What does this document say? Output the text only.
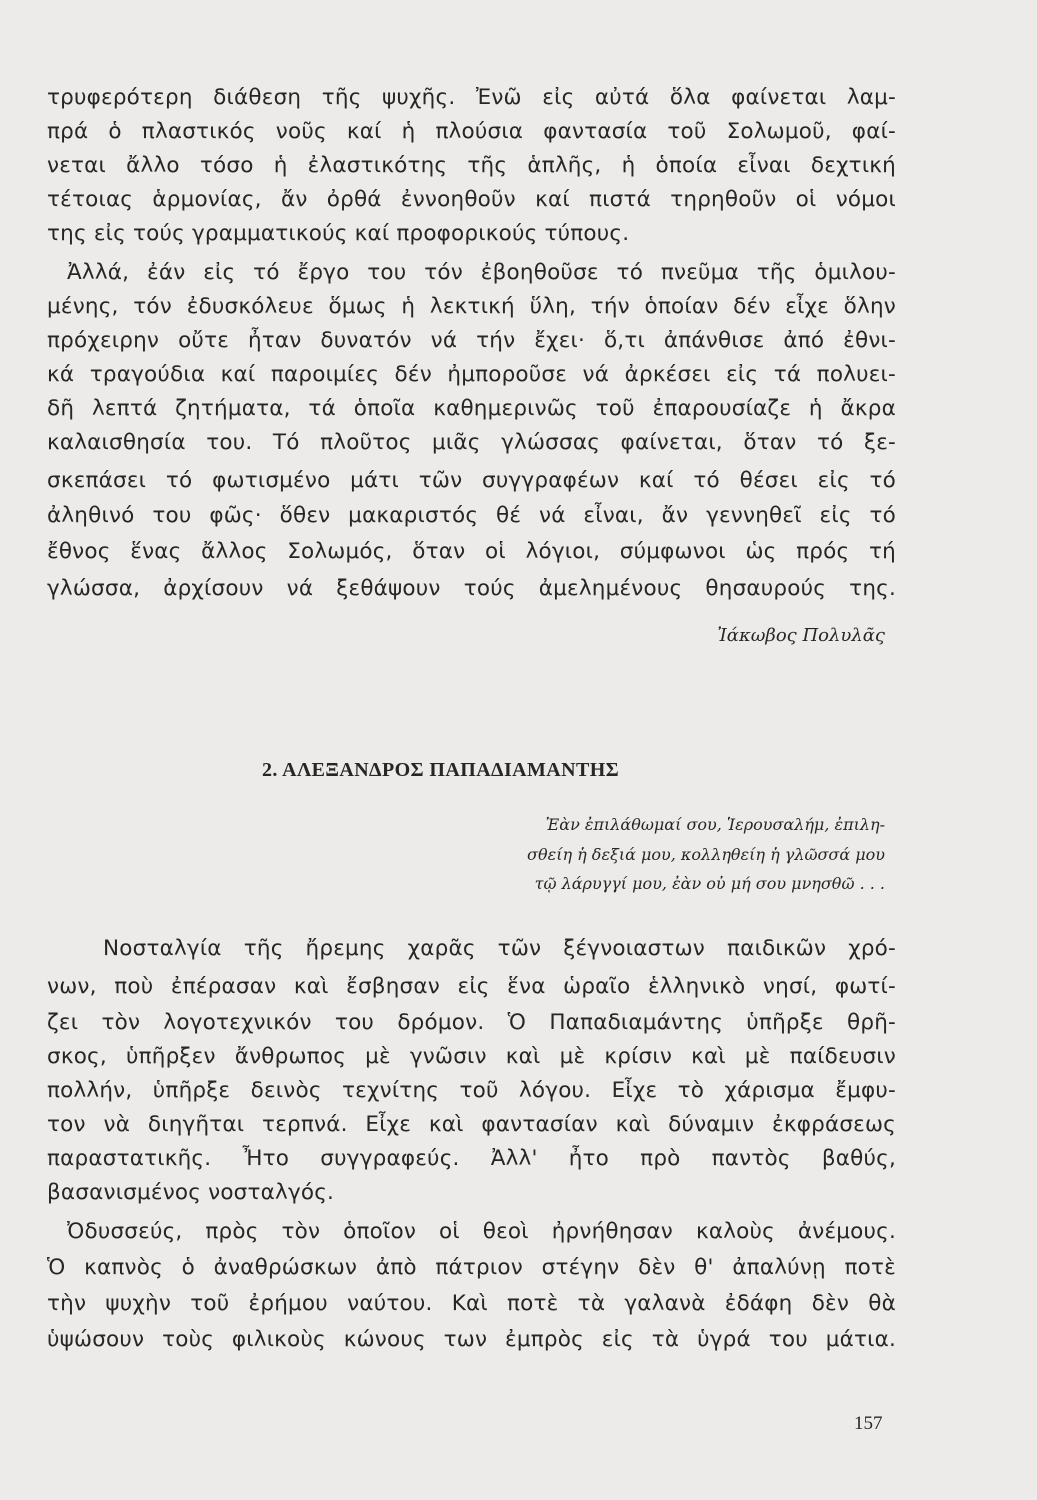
τρυφερότερη διάθεση τῆς ψυχῆς. Ἐνῶ εἰς αὐτά ὅλα φαίνεται λαμ-
πρά ὁ πλαστικός νοῦς καί ἡ πλούσια φαντασία τοῦ Σολωμοῦ, φαί-
νεται ἄλλο τόσο ἡ ἐλαστικότης τῆς ἁπλῆς, ἡ ὁποία εἶναι δεχτική
τέτοιας ἁρμονίας, ἄν ὀρθά ἐννοηθοῦν καί πιστά τηρηθοῦν οἱ νόμοι
της εἰς τούς γραμματικούς καί προφορικούς τύπους.
Ἀλλά, ἐάν εἰς τό ἔργο του τόν ἐβοηθοῦσε τό πνεῦμα τῆς ὁμιλου-
μένης, τόν ἐδυσκόλευε ὅμως ἡ λεκτική ὕλη, τήν ὁποίαν δέν εἶχε ὅλην
πρόχειρην οὔτε ἦταν δυνατόν νά τήν ἔχει· ὅ,τι ἀπάνθισε ἀπό ἐθνι-
κά τραγούδια καί παροιμίες δέν ἠμποροῦσε νά ἀρκέσει εἰς τά πολυει-
δῆ λεπτά ζητήματα, τά ὁποῖα καθημερινῶς τοῦ ἐπαρουσίαζε ἡ ἄκρα
καλαισθησία του. Τό πλοῦτος μιᾶς γλώσσας φαίνεται, ὅταν τό ξε-
σκεπάσει τό φωτισμένο μάτι τῶν συγγραφέων καί τό θέσει εἰς τό
ἀληθινό του φῶς· ὅθεν μακαριστός θέ νά εἶναι, ἄν γεννηθεῖ εἰς τό
ἔθνος ἕνας ἄλλος Σολωμός, ὅταν οἱ λόγιοι, σύμφωνοι ὡς πρός τή
γλώσσα, ἀρχίσουν νά ξεθάψουν τούς ἀμελημένους θησαυρούς της.
Ἰάκωβος Πολυλᾶς
2. ΑΛΕΞΑΝΔΡΟΣ ΠΑΠΑΔΙΑΜΑΝΤΗΣ
Ἐὰν ἐπιλάθωμαί σου, Ἱερουσαλήμ, ἐπιλη-
σθείη ἡ δεξιά μου, κολληθείη ἡ γλῶσσά μου
τῷ λάρυγγί μου, ἐὰν οὐ μή σου μνησθῶ . . .
Νοσταλγία τῆς ἤρεμης χαρᾶς τῶν ξέγνοιαστων παιδικῶν χρό-
νων, ποὺ ἐπέρασαν καὶ ἔσβησαν εἰς ἕνα ὡραῖο ἑλληνικὸ νησί, φωτί-
ζει τὸν λογοτεχνικόν του δρόμον. Ὁ Παπαδιαμάντης ὑπῆρξε θρῆ-
σκος, ὑπῆρξεν ἄνθρωπος μὲ γνῶσιν καὶ μὲ κρίσιν καὶ μὲ παίδευσιν
πολλήν, ὑπῆρξε δεινὸς τεχνίτης τοῦ λόγου. Εἶχε τὸ χάρισμα ἔμφυ-
τον νὰ διηγῆται τερπνά. Εἶχε καὶ φαντασίαν καὶ δύναμιν ἐκφράσεως
παραστατικῆς. Ἦτο συγγραφεύς. Ἀλλ' ἦτο πρὸ παντὸς βαθύς,
βασανισμένος νοσταλγός.
Ὀδυσσεύς, πρὸς τὸν ὁποῖον οἱ θεοὶ ἠρνήθησαν καλοὺς ἀνέμους.
Ὁ καπνὸς ὁ ἀναθρώσκων ἀπὸ πάτριον στέγην δὲν θ' ἀπαλύνῃ ποτὲ
τὴν ψυχὴν τοῦ ἐρήμου ναύτου. Καὶ ποτὲ τὰ γαλανὰ ἐδάφη δὲν θὰ
ὑψώσουν τοὺς φιλικοὺς κώνους των ἐμπρὸς εἰς τὰ ὑγρά του μάτια.
157
